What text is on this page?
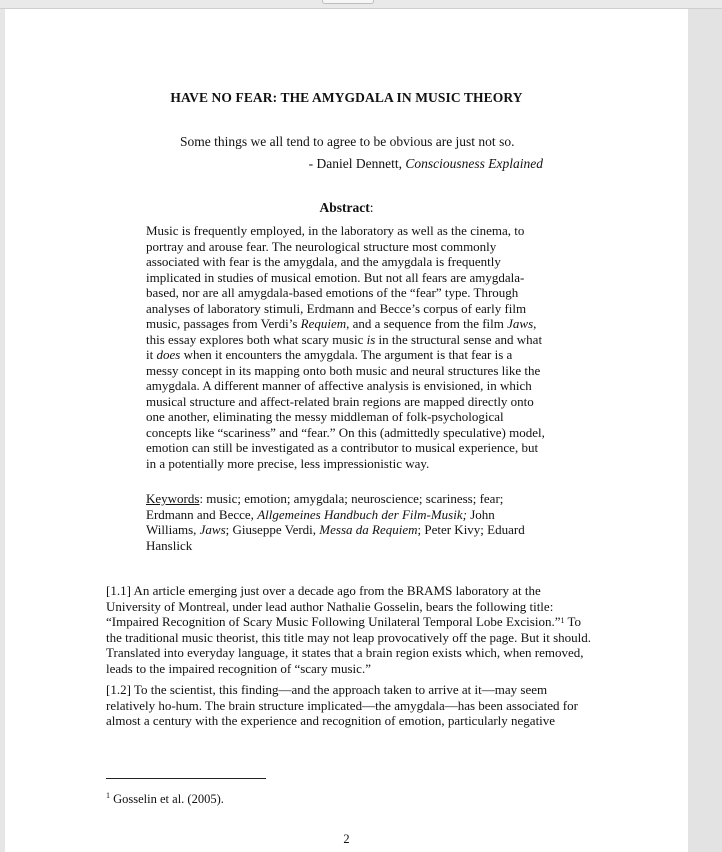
HAVE NO FEAR: THE AMYGDALA IN MUSIC THEORY
Some things we all tend to agree to be obvious are just not so.
- Daniel Dennett, Consciousness Explained
Abstract:
Music is frequently employed, in the laboratory as well as the cinema, to portray and arouse fear. The neurological structure most commonly associated with fear is the amygdala, and the amygdala is frequently implicated in studies of musical emotion. But not all fears are amygdala-based, nor are all amygdala-based emotions of the “fear” type. Through analyses of laboratory stimuli, Erdmann and Becce’s corpus of early film music, passages from Verdi’s Requiem, and a sequence from the film Jaws, this essay explores both what scary music is in the structural sense and what it does when it encounters the amygdala. The argument is that fear is a messy concept in its mapping onto both music and neural structures like the amygdala. A different manner of affective analysis is envisioned, in which musical structure and affect-related brain regions are mapped directly onto one another, eliminating the messy middleman of folk-psychological concepts like “scariness” and “fear.” On this (admittedly speculative) model, emotion can still be investigated as a contributor to musical experience, but in a potentially more precise, less impressionistic way.
Keywords: music; emotion; amygdala; neuroscience; scariness; fear; Erdmann and Becce, Allgemeines Handbuch der Film-Musik; John Williams, Jaws; Giuseppe Verdi, Messa da Requiem; Peter Kivy; Eduard Hanslick
[1.1] An article emerging just over a decade ago from the BRAMS laboratory at the University of Montreal, under lead author Nathalie Gosselin, bears the following title: “Impaired Recognition of Scary Music Following Unilateral Temporal Lobe Excision.”$^1$ To the traditional music theorist, this title may not leap provocatively off the page. But it should. Translated into everyday language, it states that a brain region exists which, when removed, leads to the impaired recognition of “scary music.”
[1.2] To the scientist, this finding—and the approach taken to arrive at it—may seem relatively ho-hum. The brain structure implicated—the amygdala—has been associated for almost a century with the experience and recognition of emotion, particularly negative
$^1$ Gosselin et al. (2005).
2
